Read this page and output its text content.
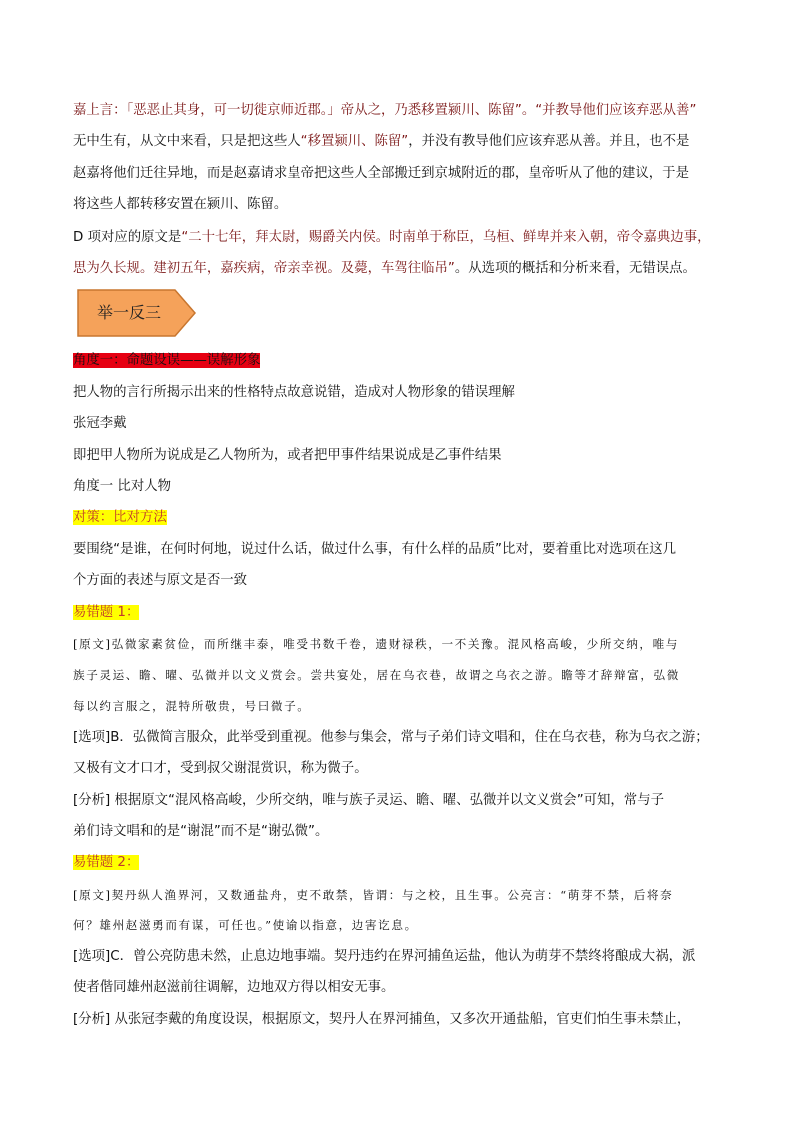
嘉上言：「恶恶止其身，可一切徙京师近郡。」帝从之，乃悉移置颍川、陈留”。“并教导他们应该弃恶从善”
无中生有，从文中来看，只是把这些人“移置颍川、陈留”，并没有教导他们应该弃恶从善。并且，也不是
赵嘉将他们迁往异地，而是赵嘉请求皇帝把这些人全部搬迁到京城附近的郡，皇帝听从了他的建议，于是
将这些人都转移安置在颍川、陈留。
D 项对应的原文是“二十七年，拜太尉，赐爵关内侯。时南单于称臣，乌桓、鲜卑并来入朝，帝令嘉典边事，
思为久长规。建初五年，嘉疾病，帝亲幸视。及薨，车驾往临吊”。从选项的概括和分析来看，无错误点。
举一反三
角度一：命题设误——误解形象
把人物的言行所揭示出来的性格特点故意说错，造成对人物形象的错误理解
张冠李戴
即把甲人物所为说成是乙人物所为，或者把甲事件结果说成是乙事件结果
角度一 比对人物
对策：比对方法
要围绕“是谁，在何时何地，说过什么话，做过什么事，有什么样的品质”比对，要着重比对选项在这几
个方面的表述与原文是否一致
易错题 1：
[原文]弘微家素贫俭，而所继丰泰，唯受书数千卷，遗财禄秩，一不关豫。混风格高峻，少所交纳，唯与
族子灵运、瞻、曜、弘微并以文义赏会。尝共宴处，居在乌衣巷，故谓之乌衣之游。瞻等才辞辩富，弘微
每以约言服之，混特所敬贵，号曰微子。
[选项]B．弘微简言服众，此举受到重视。他参与集会，常与子弟们诗文唱和，住在乌衣巷，称为乌衣之游；
又极有文才口才，受到叔父谢混赏识，称为微子。
[分析] 根据原文“混风格高峻，少所交纳，唯与族子灵运、瞻、曜、弘微并以文义赏会”可知，常与子
弟们诗文唱和的是“谢混”而不是“谢弘微”。
易错题 2：
[原文]契丹纵人渔界河，又数通盐舟，吏不敢禁，皆谓：与之校，且生事。公亮言：“萌芽不禁，后将奈
何？雄州赵滋勇而有谋，可任也。”使谕以指意，边害讫息。
[选项]C．曾公亮防患未然，止息边地事端。契丹违约在界河捕鱼运盐，他认为萌芽不禁终将酿成大祸，派
使者偕同雄州赵滋前往调解，边地双方得以相安无事。
[分析] 从张冠李戴的角度设误，根据原文，契丹人在界河捕鱼，又多次开通盐船，官吏们怕生事未禁止，
